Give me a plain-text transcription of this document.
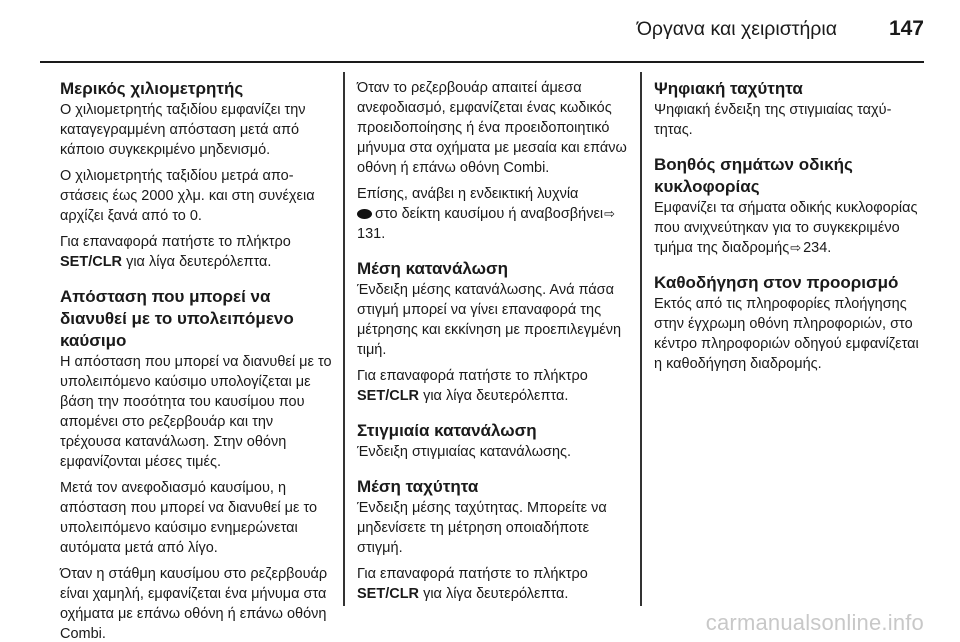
Όργανα και χειριστήρια 147
Μερικός χιλιομετρητής

Ο χιλιομετρητής ταξιδίου εμφανίζει την καταγεγραμμένη απόσταση μετά από κάποιο συγκεκριμένο μηδενισμό.

Ο χιλιομετρητής ταξιδίου μετρά αποστάσεις έως 2000 χλμ. και στη συνέχεια αρχίζει ξανά από το 0.

Για επαναφορά πατήστε το πλήκτρο SET/CLR για λίγα δευτερόλεπτα.

Απόσταση που μπορεί να διανυθεί με το υπολειπόμενο καύσιμο

Η απόσταση που μπορεί να διανυθεί με το υπολειπόμενο καύσιμο υπολογίζεται με βάση την ποσότητα του καυσίμου που απομένει στο ρεζερβουάρ και την τρέχουσα κατανάλωση. Στην οθόνη εμφανίζονται μέσες τιμές.

Μετά τον ανεφοδιασμό καυσίμου, η απόσταση που μπορεί να διανυθεί με το υπολειπόμενο καύσιμο ενημερώνεται αυτόματα μετά από λίγο.

Όταν η στάθμη καυσίμου στο ρεζερβουάρ είναι χαμηλή, εμφανίζεται ένα μήνυμα στα οχήματα με επάνω οθόνη ή επάνω οθόνη Combi.

Όταν το ρεζερβουάρ απαιτεί άμεσα ανεφοδιασμό, εμφανίζεται ένας κωδικός προειδοποίησης ή ένα προειδοποιητικό μήνυμα στα οχήματα με μεσαία και επάνω οθόνη ή επάνω οθόνη Combi.

Επίσης, ανάβει η ενδεικτική λυχνία
στο δείκτη καυσίμου ή αναβοσβήνει⇨131.

Μέση κατανάλωση

Ένδειξη μέσης κατανάλωσης. Ανά πάσα στιγμή μπορεί να γίνει επαναφορά της μέτρησης και εκκίνηση με προεπιλεγμένη τιμή.

Για επαναφορά πατήστε το πλήκτρο SET/CLR για λίγα δευτερόλεπτα.

Στιγμιαία κατανάλωση

Ένδειξη στιγμιαίας κατανάλωσης.

Μέση ταχύτητα

Ένδειξη μέσης ταχύτητας. Μπορείτε να μηδενίσετε τη μέτρηση οποιαδήποτε στιγμή.

Για επαναφορά πατήστε το πλήκτρο SET/CLR για λίγα δευτερόλεπτα.

Ψηφιακή ταχύτητα

Ψηφιακή ένδειξη της στιγμιαίας ταχύτητας.

Βοηθός σημάτων οδικής κυκλοφορίας

Εμφανίζει τα σήματα οδικής κυκλοφορίας που ανιχνεύτηκαν για το συγκεκριμένο τμήμα της διαδρομής⇨ 234.

Καθοδήγηση στον προορισμό

Εκτός από τις πληροφορίες πλοήγησης στην έγχρωμη οθόνη πληροφοριών, στο κέντρο πληροφοριών οδηγού εμφανίζεται η καθοδήγηση διαδρομής.

carmanualsonline.info
